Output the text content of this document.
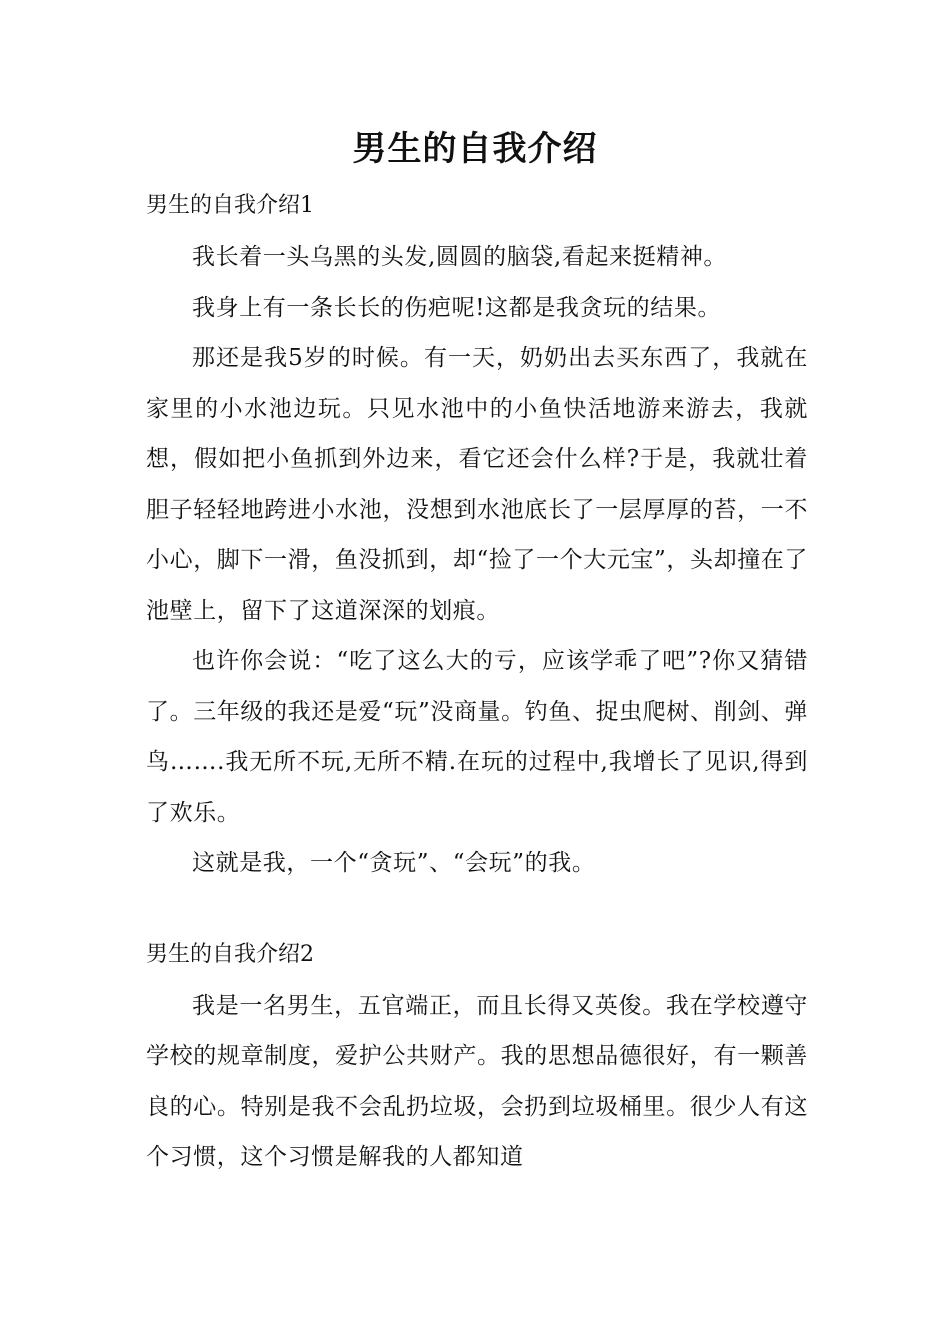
男生的自我介绍
男生的自我介绍1

我长着一头乌黑的头发,圆圆的脑袋,看起来挺精神。

我身上有一条长长的伤疤呢!这都是我贪玩的结果。

那还是我5岁的时候。有一天，奶奶出去买东西了，我就在家里的小水池边玩。只见水池中的小鱼快活地游来游去，我就想，假如把小鱼抓到外边来，看它还会什么样?于是，我就壮着胆子轻轻地跨进小水池，没想到水池底长了一层厚厚的苔，一不小心，脚下一滑，鱼没抓到，却“捡了一个大元宝”，头却撞在了池壁上，留下了这道深深的划痕。

也许你会说：“吃了这么大的亏，应该学乖了吧”?你又猜错了。三年级的我还是爱“玩”没商量。钓鱼、捉虫爬树、削剑、弹鸟…….我无所不玩,无所不精.在玩的过程中,我增长了见识,得到了欢乐。

这就是我，一个“贪玩”、“会玩”的我。

男生的自我介绍2

我是一名男生，五官端正，而且长得又英俊。我在学校遵守学校的规章制度，爱护公共财产。我的思想品德很好，有一颗善良的心。特别是我不会乱扔垃圾，会扔到垃圾桶里。很少人有这个习惯，这个习惯是解我的人都知道
